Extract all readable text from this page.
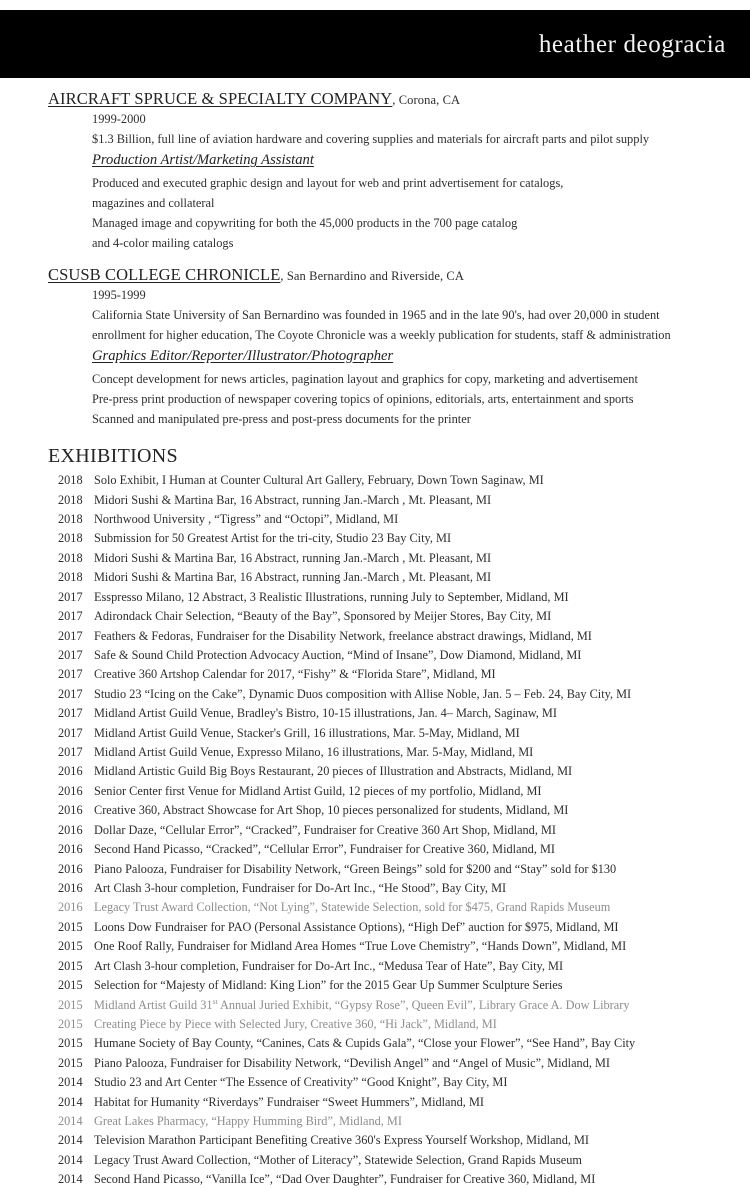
heather deogracia
AIRCRAFT SPRUCE & SPECIALTY COMPANY, Corona, CA
1999-2000
$1.3 Billion, full line of aviation hardware and covering supplies and materials for aircraft parts and pilot supply
Production Artist/Marketing Assistant
Produced and executed graphic design and layout for web and print advertisement for catalogs,
magazines and collateral
Managed image and copywriting for both the 45,000 products in the 700 page catalog
and 4-color mailing catalogs
CSUSB COLLEGE CHRONICLE, San Bernardino and Riverside, CA
1995-1999
California State University of San Bernardino was founded in 1965 and in the late 90's, had over 20,000 in student
enrollment for higher education, The Coyote Chronicle was a weekly publication for students, staff & administration
Graphics Editor/Reporter/Illustrator/Photographer
Concept development for news articles, pagination layout and graphics for copy, marketing and advertisement
Pre-press print production of newspaper covering topics of opinions, editorials, arts, entertainment and sports
Scanned and manipulated pre-press and post-press documents for the printer
EXHIBITIONS
2018 Solo Exhibit, I Human at Counter Cultural Art Gallery, February, Down Town Saginaw, MI
2018 Midori Sushi & Martina Bar, 16 Abstract, running Jan.-March , Mt. Pleasant, MI
2018 Northwood University , “Tigress” and “Octopi”, Midland, MI
2018 Submission for 50 Greatest Artist for the tri-city, Studio 23 Bay City, MI
2018 Midori Sushi & Martina Bar, 16 Abstract, running Jan.-March , Mt. Pleasant, MI
2018 Midori Sushi & Martina Bar, 16 Abstract, running Jan.-March , Mt. Pleasant, MI
2017 Esspresso Milano, 12 Abstract, 3 Realistic Illustrations, running July to September, Midland, MI
2017 Adirondack Chair Selection, “Beauty of the Bay”, Sponsored by Meijer Stores, Bay City, MI
2017 Feathers & Fedoras, Fundraiser for the Disability Network, freelance abstract drawings, Midland, MI
2017 Safe & Sound Child Protection Advocacy Auction, “Mind of Insane”, Dow Diamond, Midland, MI
2017 Creative 360 Artshop Calendar for 2017, “Fishy” & “Florida Stare”, Midland, MI
2017 Studio 23 “Icing on the Cake”, Dynamic Duos composition with Allise Noble, Jan. 5 – Feb. 24, Bay City, MI
2017 Midland Artist Guild Venue, Bradley's Bistro, 10-15 illustrations, Jan. 4– March, Saginaw, MI
2017 Midland Artist Guild Venue, Stacker's Grill, 16 illustrations, Mar. 5-May, Midland, MI
2017 Midland Artist Guild Venue, Expresso Milano, 16 illustrations, Mar. 5-May, Midland, MI
2016 Midland Artistic Guild Big Boys Restaurant, 20 pieces of Illustration and Abstracts, Midland, MI
2016 Senior Center first Venue for Midland Artist Guild, 12 pieces of my portfolio, Midland, MI
2016 Creative 360, Abstract Showcase for Art Shop, 10 pieces personalized for students, Midland, MI
2016 Dollar Daze, “Cellular Error”, “Cracked”, Fundraiser for Creative 360 Art Shop, Midland, MI
2016 Second Hand Picasso, “Cracked”, “Cellular Error”, Fundraiser for Creative 360, Midland, MI
2016 Piano Palooza, Fundraiser for Disability Network, “Green Beings” sold for $200 and “Stay” sold for $130
2016 Art Clash 3-hour completion, Fundraiser for Do-Art Inc., “He Stood”, Bay City, MI
2016 Legacy Trust Award Collection, “Not Lying”, Statewide Selection, sold for $475, Grand Rapids Museum
2015 Loons Dow Fundraiser for PAO (Personal Assistance Options), “High Def” auction for $975, Midland, MI
2015 One Roof Rally, Fundraiser for Midland Area Homes “True Love Chemistry”, “Hands Down”, Midland, MI
2015 Art Clash 3-hour completion, Fundraiser for Do-Art Inc., “Medusa Tear of Hate”, Bay City, MI
2015 Selection for “Majesty of Midland: King Lion” for the 2015 Gear Up Summer Sculpture Series
2015 Midland Artist Guild 31st Annual Juried Exhibit, “Gypsy Rose”, Queen Evil”, Library Grace A. Dow Library
2015 Creating Piece by Piece with Selected Jury, Creative 360, “Hi Jack”, Midland, MI
2015 Humane Society of Bay County, “Canines, Cats & Cupids Gala”, “Close your Flower”, “See Hand”, Bay City
2015 Piano Palooza, Fundraiser for Disability Network, “Devilish Angel” and “Angel of Music”, Midland, MI
2014 Studio 23 and Art Center “The Essence of Creativity” “Good Knight”, Bay City, MI
2014 Habitat for Humanity “Riverdays” Fundraiser “Sweet Hummers”, Midland, MI
2014 Great Lakes Pharmacy, “Happy Humming Bird”, Midland, MI
2014 Television Marathon Participant Benefiting Creative 360's Express Yourself Workshop, Midland, MI
2014 Legacy Trust Award Collection, “Mother of Literacy”, Statewide Selection, Grand Rapids Museum
2014 Second Hand Picasso, “Vanilla Ice”, “Dad Over Daughter”, Fundraiser for Creative 360, Midland, MI
